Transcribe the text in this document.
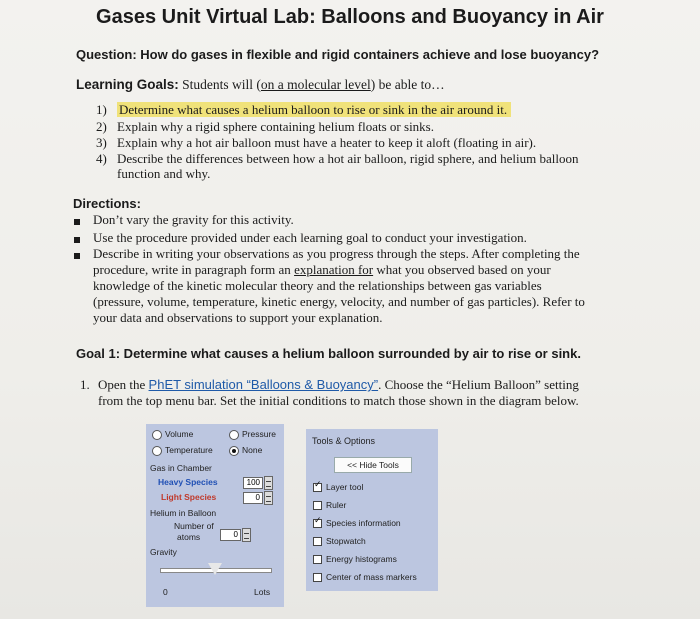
Gases Unit Virtual Lab: Balloons and Buoyancy in Air
Question: How do gases in flexible and rigid containers achieve and lose buoyancy?
Learning Goals: Students will (on a molecular level) be able to…
1) Determine what causes a helium balloon to rise or sink in the air around it.
2) Explain why a rigid sphere containing helium floats or sinks.
3) Explain why a hot air balloon must have a heater to keep it aloft (floating in air).
4) Describe the differences between how a hot air balloon, rigid sphere, and helium balloon
function and why.
Directions:
Don’t vary the gravity for this activity.
Use the procedure provided under each learning goal to conduct your investigation.
Describe in writing your observations as you progress through the steps. After completing the
procedure, write in paragraph form an explanation for what you observed based on your
knowledge of the kinetic molecular theory and the relationships between gas variables
(pressure, volume, temperature, kinetic energy, velocity, and number of gas particles). Refer to
your data and observations to support your explanation.
Goal 1: Determine what causes a helium balloon surrounded by air to rise or sink.
1. Open the PhET simulation “Balloons & Buoyancy”. Choose the “Helium Balloon” setting
from the top menu bar. Set the initial conditions to match those shown in the diagram below.
Volume	Pressure
Temperature	None
Gas in Chamber
Heavy Species	100
Light Species	0
Helium in Balloon
Number of
atoms	0
Gravity
0	Lots
Tools & Options
<< Hide Tools
✓
Layer tool
Ruler
✓
Species information
Stopwatch
Energy histograms
Center of mass markers
